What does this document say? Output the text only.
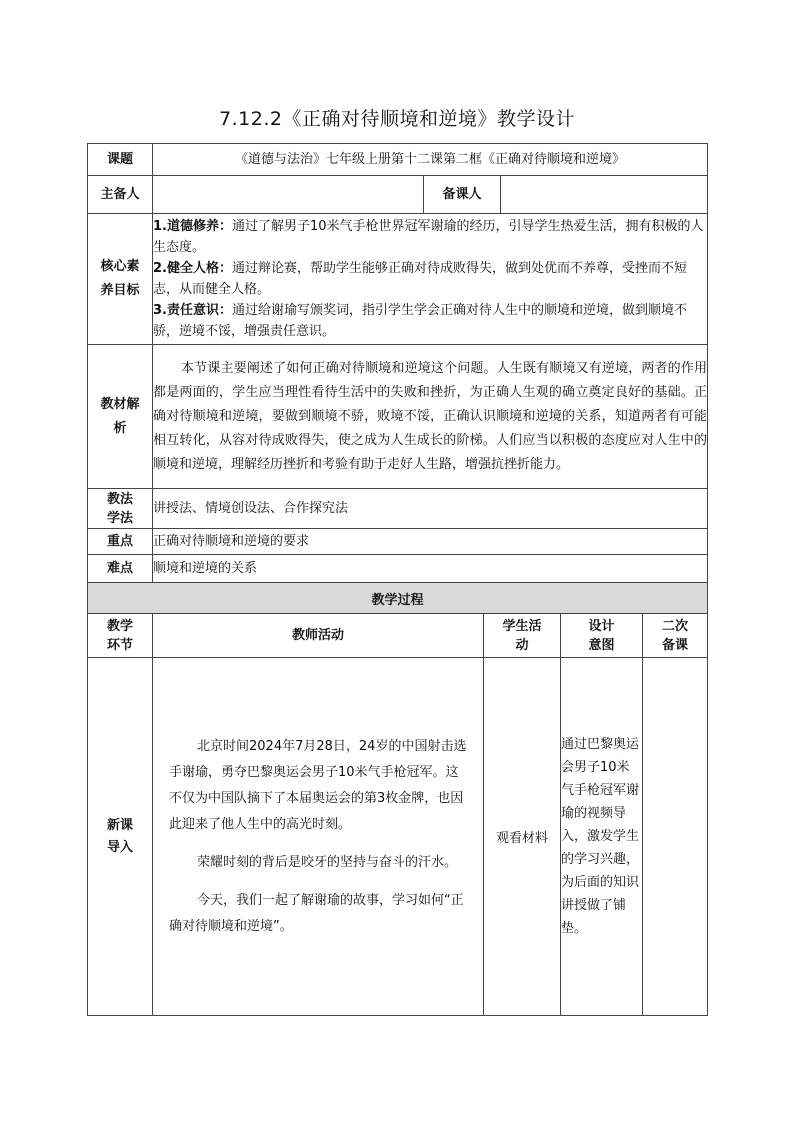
7.12.2《正确对待顺境和逆境》教学设计
课题	《道德与法治》七年级上册第十二课第二框《正确对待顺境和逆境》					
主备人		备课人				
核心素养目标	1.道德修养：通过了解男子10米气手枪世界冠军谢瑜的经历，引导学生热爱生活，拥有积极的人生态度。

2.健全人格：通过辩论赛，帮助学生能够正确对待成败得失，做到处优而不养尊，受挫而不短志，从而健全人格。

3.责任意识：通过给谢瑜写颁奖词，指引学生学会正确对待人生中的顺境和逆境，做到顺境不骄，逆境不馁，增强责任意识。					

教材解析	本节课主要阐述了如何正确对待顺境和逆境这个问题。人生既有顺境又有逆境，两者的作用都是两面的，学生应当理性看待生活中的失败和挫折，为正确人生观的确立奠定良好的基础。正确对待顺境和逆境，要做到顺境不骄，败境不馁，正确认识顺境和逆境的关系，知道两者有可能相互转化，从容对待成败得失，使之成为人生成长的阶梯。人们应当以积极的态度应对人生中的顺境和逆境，理解经历挫折和考验有助于走好人生路，增强抗挫折能力。					
教法学法	讲授法、情境创设法、合作探究法					
重点	正确对待顺境和逆境的要求					
难点	顺境和逆境的关系					
教学过程						
教学环节	教师活动		学生活动		设计意图	二次备课
新课导入	北京时间2024年7月28日，24岁的中国射击选手谢瑜，勇夺巴黎奥运会男子10米气手枪冠军。这不仅为中国队摘下了本届奥运会的第3枚金牌，也因此迎来了他人生中的高光时刻。

荣耀时刻的背后是咬牙的坚持与奋斗的汗水。

今天，我们一起了解谢瑜的故事，学习如何“正确对待顺境和逆境”。		观看材料		通过巴黎奥运会男子10米气手枪冠军谢瑜的视频导入，激发学生的学习兴趣，为后面的知识讲授做了铺垫。	
